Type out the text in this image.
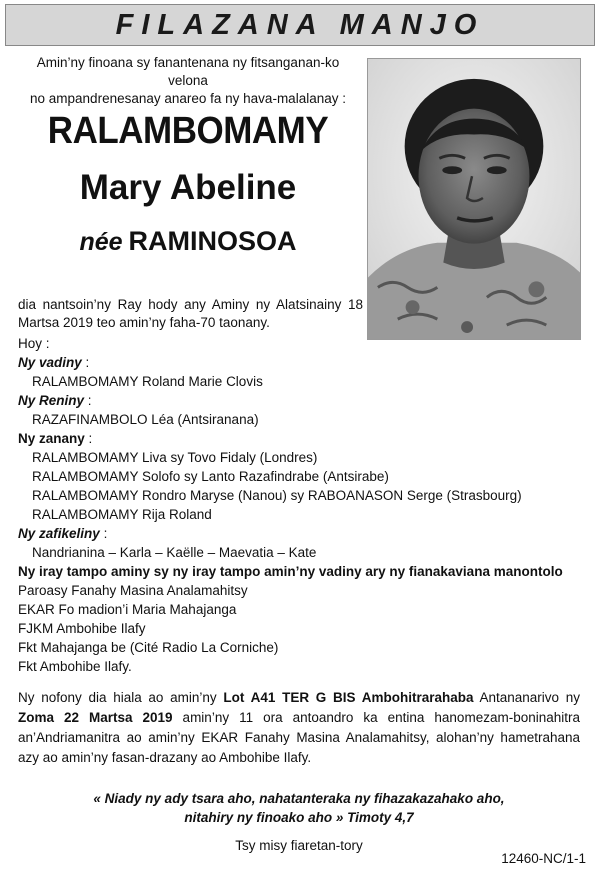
FILAZANA MANJO
Amin’ny finoana sy fanantenana ny fitsanganan-ko velona
no ampandrenesanay anareo fa ny hava-malalanay :
RALAMBOMAMY
Mary Abeline
née RAMINOSOA
dia nantsoin’ny Ray hody any Aminy ny Alatsinainy 18 Martsa 2019 teo amin’ny faha-70 taonany.
Hoy :
Ny vadiny :
RALAMBOMAMY Roland Marie Clovis
Ny Reniny :
RAZAFINAMBOLO Léa (Antsiranana)
Ny zanany :
RALAMBOMAMY Liva sy Tovo Fidaly (Londres)
RALAMBOMAMY Solofo sy Lanto Razafindrabe (Antsirabe)
RALAMBOMAMY Rondro Maryse (Nanou) sy RABOANASON Serge (Strasbourg)
RALAMBOMAMY Rija Roland
Ny zafikeliny :
Nandrianina – Karla – Kaëlle – Maevatia – Kate
Ny iray tampo aminy sy ny iray tampo amin’ny vadiny ary ny fianakaviana manontolo
Paroasy Fanahy Masina Analamahitsy
EKAR Fo madion’i Maria Mahajanga
FJKM Ambohibe Ilafy
Fkt Mahajanga be (Cité Radio La Corniche)
Fkt Ambohibe Ilafy.
Ny nofony dia hiala ao amin’ny Lot A41 TER G BIS Ambohitrarahaba Antananarivo ny Zoma 22 Martsa 2019 amin’ny 11 ora antoandro ka entina hanomezam-boninahitra an’Andriamanitra ao amin’ny EKAR Fanahy Masina Analamahitsy, alohan’ny hametrahana azy ao amin’ny fasan-drazany ao Ambohibe Ilafy.
« Niady ny ady tsara aho, nahatanteraka ny fihazakazahako aho,
nitahiry ny finoako aho » Timoty 4,7
Tsy misy fiaretan-tory
12460-NC/1-1
